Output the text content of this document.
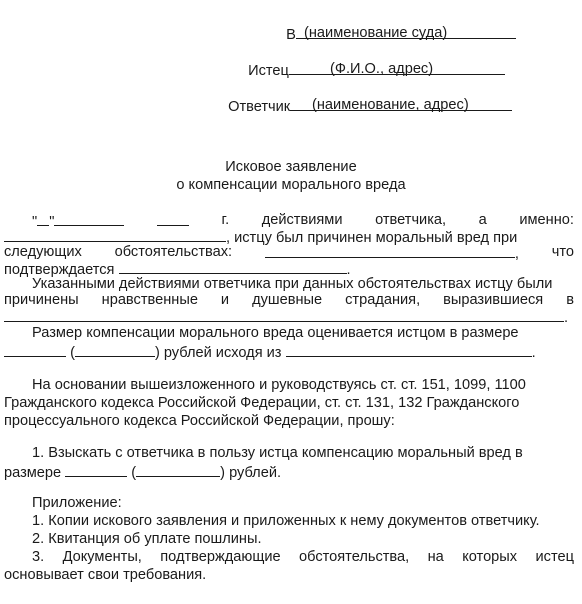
В (наименование суда)

Истец	(Ф.И.О., адрес)

Ответчик	(наименование, адрес)
Исковое заявление
о компенсации морального вреда
" "	г. действиями ответчика, а именно:
, истцу был причинен моральный вред при
следующих обстоятельствах:	, что
подтверждается	.
Указанными действиями ответчика при данных обстоятельствах истцу были
причинены нравственные и душевные страдания, выразившиеся в
.
Размер компенсации морального вреда оценивается истцом в размере
(	) рублей исходя из	.
На основании вышеизложенного и руководствуясь ст. ст. 151, 1099, 1100
Гражданского кодекса Российской Федерации, ст. ст. 131, 132 Гражданского
процессуального кодекса Российской Федерации, прошу:
1. Взыскать с ответчика в пользу истца компенсацию моральный вред в
размере	(	) рублей.
Приложение:
1. Копии искового заявления и приложенных к нему документов ответчику.
2. Квитанция об уплате пошлины.
3. Документы, подтверждающие обстоятельства, на которых истец
основывает свои требования.
